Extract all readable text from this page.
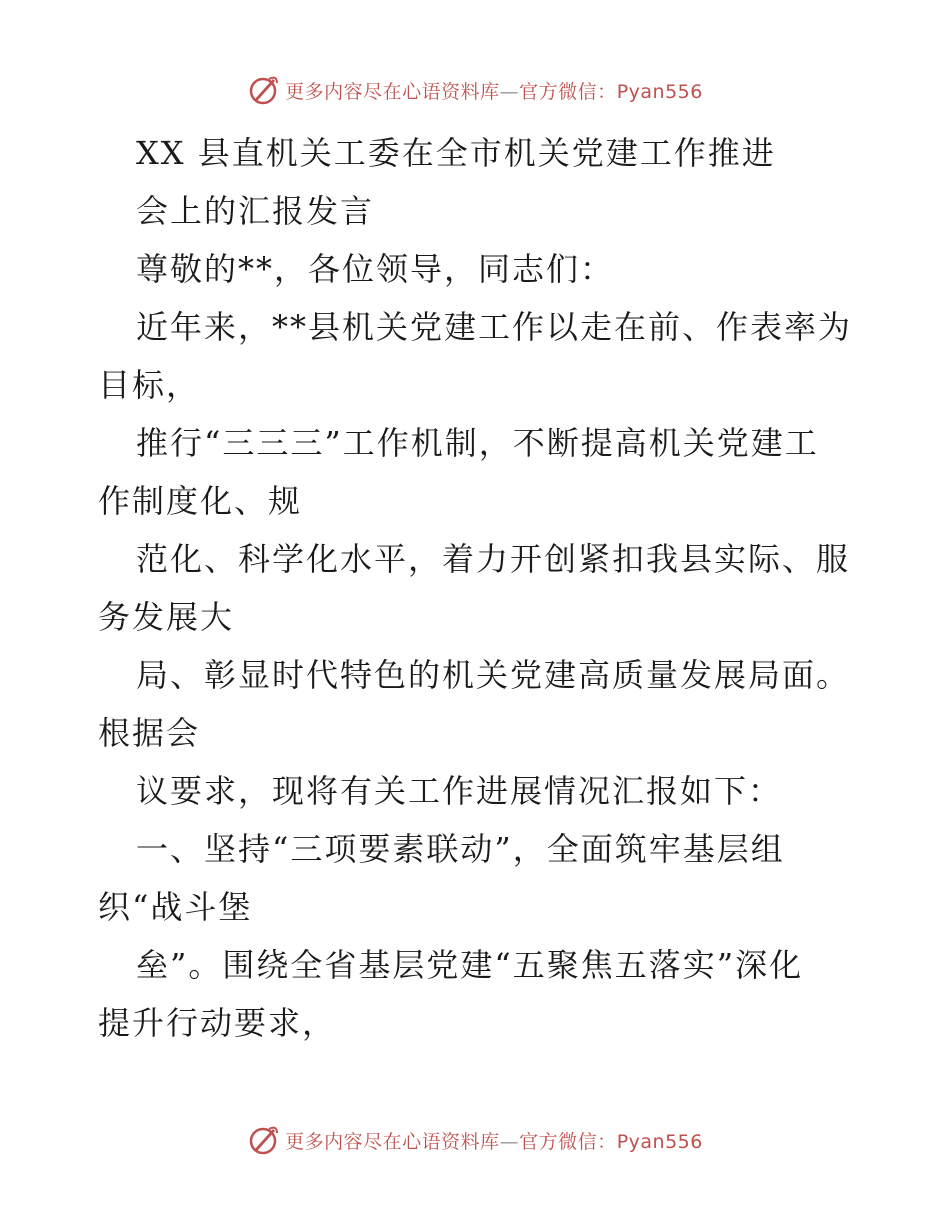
更多内容尽在心语资料库—官方微信：Pyan556
XX 县直机关工委在全市机关党建工作推进
会上的汇报发言
尊敬的**，各位领导，同志们：
近年来，**县机关党建工作以走在前、作表率为
目标，
推行“三三三”工作机制，不断提高机关党建工
作制度化、规
范化、科学化水平，着力开创紧扣我县实际、服
务发展大
局、彰显时代特色的机关党建高质量发展局面。
根据会
议要求，现将有关工作进展情况汇报如下：
一、坚持“三项要素联动”，全面筑牢基层组
织“战斗堡
垒”。围绕全省基层党建“五聚焦五落实”深化
提升行动要求，
更多内容尽在心语资料库—官方微信：Pyan556
